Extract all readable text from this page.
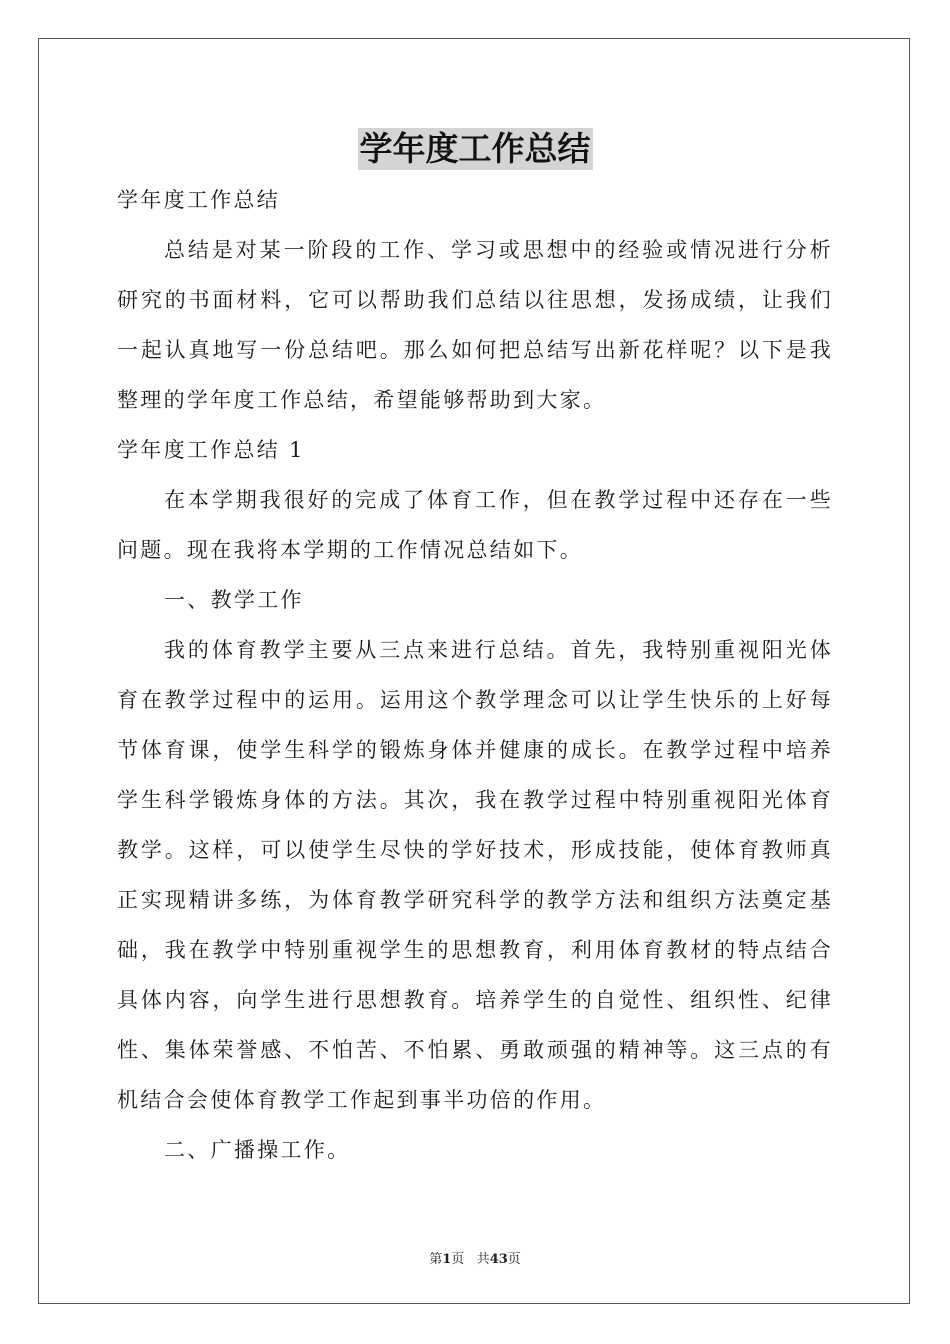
学年度工作总结

学年度工作总结

总结是对某一阶段的工作、学习或思想中的经验或情况进行分析研究的书面材料，它可以帮助我们总结以往思想，发扬成绩，让我们一起认真地写一份总结吧。那么如何把总结写出新花样呢？以下是我整理的学年度工作总结，希望能够帮助到大家。

学年度工作总结 1

在本学期我很好的完成了体育工作，但在教学过程中还存在一些问题。现在我将本学期的工作情况总结如下。

一、教学工作

我的体育教学主要从三点来进行总结。首先，我特别重视阳光体育在教学过程中的运用。运用这个教学理念可以让学生快乐的上好每节体育课，使学生科学的锻炼身体并健康的成长。在教学过程中培养学生科学锻炼身体的方法。其次，我在教学过程中特别重视阳光体育教学。这样，可以使学生尽快的学好技术，形成技能，使体育教师真正实现精讲多练，为体育教学研究科学的教学方法和组织方法奠定基础，我在教学中特别重视学生的思想教育，利用体育教材的特点结合具体内容，向学生进行思想教育。培养学生的自觉性、组织性、纪律性、集体荣誉感、不怕苦、不怕累、勇敢顽强的精神等。这三点的有机结合会使体育教学工作起到事半功倍的作用。

二、广播操工作。

第1页 共43页
